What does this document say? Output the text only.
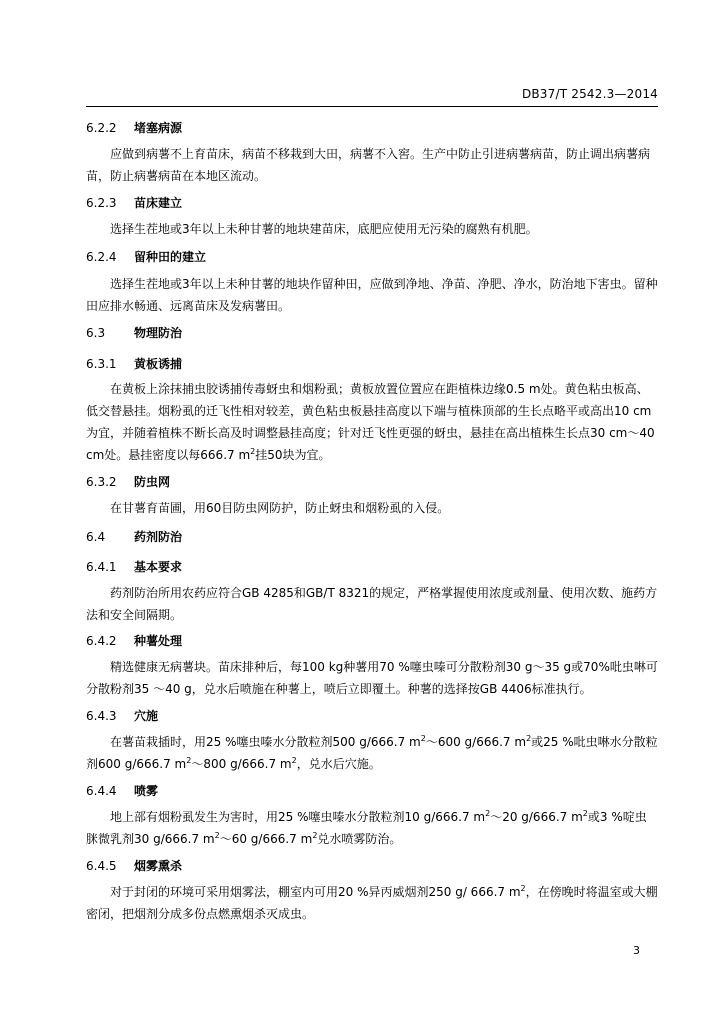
DB37/T 2542.3—2014
6.2.2 堵塞病源
应做到病薯不上育苗床，病苗不移栽到大田，病薯不入窖。生产中防止引进病薯病苗，防止调出病薯病苗，防止病薯病苗在本地区流动。
6.2.3 苗床建立
选择生茬地或3年以上未种甘薯的地块建苗床，底肥应使用无污染的腐熟有机肥。
6.2.4 留种田的建立
选择生茬地或3年以上未种甘薯的地块作留种田，应做到净地、净苗、净肥、净水，防治地下害虫。留种田应排水畅通、远离苗床及发病薯田。
6.3 物理防治
6.3.1 黄板诱捕
在黄板上涂抹捕虫胶诱捕传毒蚜虫和烟粉虱；黄板放置位置应在距植株边缘0.5 m处。黄色粘虫板高、低交替悬挂。烟粉虱的迁飞性相对较差，黄色粘虫板悬挂高度以下端与植株顶部的生长点略平或高出10 cm为宜，并随着植株不断长高及时调整悬挂高度；针对迁飞性更强的蚜虫，悬挂在高出植株生长点30 cm～40 cm处。悬挂密度以每666.7 $m^2$挂50块为宜。
6.3.2 防虫网
在甘薯育苗圃，用60目防虫网防护，防止蚜虫和烟粉虱的入侵。
6.4 药剂防治
6.4.1 基本要求
药剂防治所用农药应符合GB 4285和GB/T 8321的规定，严格掌握使用浓度或剂量、使用次数、施药方法和安全间隔期。
6.4.2 种薯处理
精选健康无病薯块。苗床排种后，每100 kg种薯用70 %噻虫嗪可分散粉剂30 g～35 g或70%吡虫啉可分散粉剂35 ～40 g，兑水后喷施在种薯上，喷后立即覆土。种薯的选择按GB 4406标准执行。
6.4.3 穴施
在薯苗栽插时，用25 %噻虫嗪水分散粒剂500 g/666.7 $m^2\sim 600$ g/666.7 $m^2$或25 %吡虫啉水分散粒剂600 g/666.7 $m^2\sim 800$ g/666.7 $m^2$，兑水后穴施。
6.4.4 喷雾
地上部有烟粉虱发生为害时，用25 %噻虫嗪水分散粒剂10 g/666.7 $m^2\sim 20$ g/666.7 $m^2$或3 %啶虫脒微乳剂30 g/666.7 $m^2\sim 60$ g/666.7 $m^2$兑水喷雾防治。
6.4.5 烟雾熏杀
对于封闭的环境可采用烟雾法，棚室内可用20 %异丙威烟剂250 g/ 666.7 $m^2$，在傍晚时将温室或大棚密闭，把烟剂分成多份点燃熏烟杀灭成虫。
3
